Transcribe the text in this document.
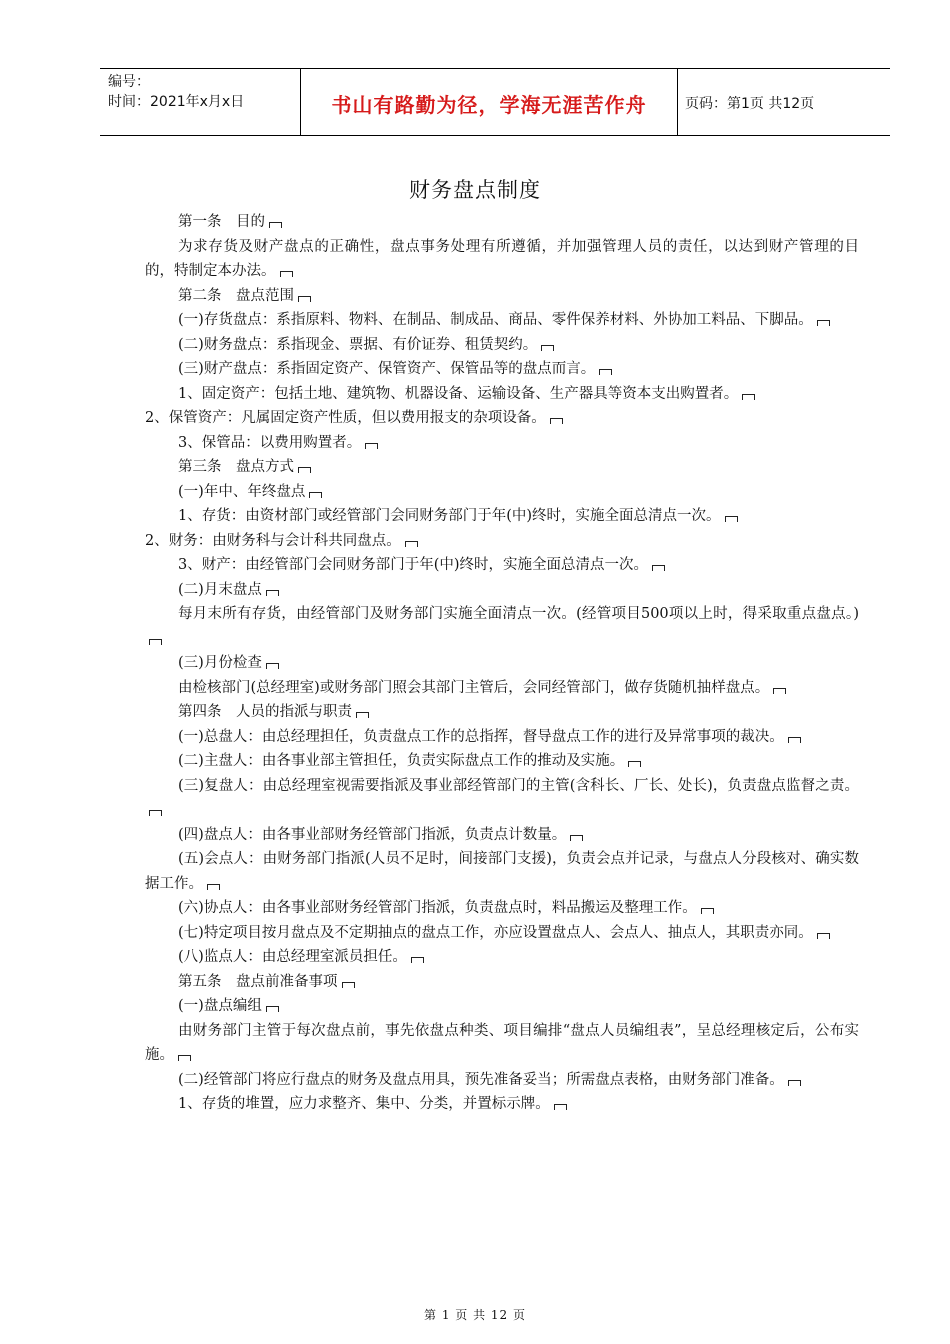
编号：
时间：2021年x月x日	书山有路勤为径，学海无涯苦作舟	页码：第1页 共12页
财务盘点制度

第一条　目的

为求存货及财产盘点的正确性，盘点事务处理有所遵循，并加强管理人员的责任，以达到财产管理的目的，特制定本办法。

第二条　盘点范围

(一)存货盘点：系指原料、物料、在制品、制成品、商品、零件保养材料、外协加工料品、下脚品。

(二)财务盘点：系指现金、票据、有价证券、租赁契约。

(三)财产盘点：系指固定资产、保管资产、保管品等的盘点而言。

1、固定资产：包括土地、建筑物、机器设备、运输设备、生产器具等资本支出购置者。

2、保管资产：凡属固定资产性质，但以费用报支的杂项设备。

3、保管品：以费用购置者。

第三条　盘点方式

(一)年中、年终盘点

1、存货：由资材部门或经管部门会同财务部门于年(中)终时，实施全面总清点一次。

2、财务：由财务科与会计科共同盘点。

3、财产：由经管部门会同财务部门于年(中)终时，实施全面总清点一次。

(二)月末盘点

每月末所有存货，由经管部门及财务部门实施全面清点一次。(经管项目500项以上时，得采取重点盘点。)

(三)月份检查

由检核部门(总经理室)或财务部门照会其部门主管后，会同经管部门，做存货随机抽样盘点。

第四条　人员的指派与职责

(一)总盘人：由总经理担任，负责盘点工作的总指挥，督导盘点工作的进行及异常事项的裁决。

(二)主盘人：由各事业部主管担任，负责实际盘点工作的推动及实施。

(三)复盘人：由总经理室视需要指派及事业部经管部门的主管(含科长、厂长、处长)，负责盘点监督之责。

(四)盘点人：由各事业部财务经管部门指派，负责点计数量。

(五)会点人：由财务部门指派(人员不足时，间接部门支援)，负责会点并记录，与盘点人分段核对、确实数据工作。

(六)协点人：由各事业部财务经管部门指派，负责盘点时，料品搬运及整理工作。

(七)特定项目按月盘点及不定期抽点的盘点工作，亦应设置盘点人、会点人、抽点人，其职责亦同。

(八)监点人：由总经理室派员担任。

第五条　盘点前准备事项

(一)盘点编组

由财务部门主管于每次盘点前，事先依盘点种类、项目编排“盘点人员编组表”，呈总经理核定后，公布实施。

(二)经管部门将应行盘点的财务及盘点用具，预先准备妥当；所需盘点表格，由财务部门准备。

1、存货的堆置，应力求整齐、集中、分类，并置标示牌。

第 1 页 共 12 页
